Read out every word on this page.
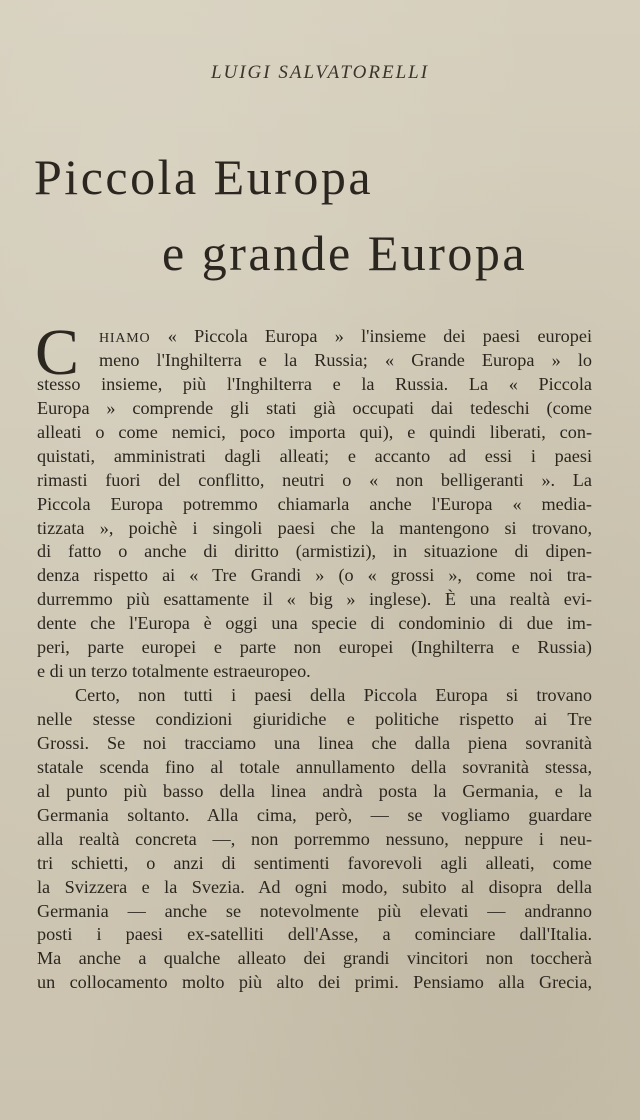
LUIGI SALVATORELLI
Piccola Europa
e grande Europa
C	HIAMO « Piccola Europa » l'insieme dei paesi europei
meno l'Inghilterra e la Russia; « Grande Europa » lo
stesso insieme, più l'Inghilterra e la Russia. La « Piccola
Europa » comprende gli stati già occupati dai tedeschi (come
alleati o come nemici, poco importa qui), e quindi liberati, con-
quistati, amministrati dagli alleati; e accanto ad essi i paesi
rimasti fuori del conflitto, neutri o « non belligeranti ». La
Piccola Europa potremmo chiamarla anche l'Europa « media-
tizzata », poichè i singoli paesi che la mantengono si trovano,
di fatto o anche di diritto (armistizi), in situazione di dipen-
denza rispetto ai « Tre Grandi » (o « grossi », come noi tra-
durremmo più esattamente il « big » inglese). È una realtà evi-
dente che l'Europa è oggi una specie di condominio di due im-
peri, parte europei e parte non europei (Inghilterra e Russia)
e di un terzo totalmente estraeuropeo.
Certo, non tutti i paesi della Piccola Europa si trovano
nelle stesse condizioni giuridiche e politiche rispetto ai Tre
Grossi. Se noi tracciamo una linea che dalla piena sovranità
statale scenda fino al totale annullamento della sovranità stessa,
al punto più basso della linea andrà posta la Germania, e la
Germania soltanto. Alla cima, però, — se vogliamo guardare
alla realtà concreta —, non porremmo nessuno, neppure i neu-
tri schietti, o anzi di sentimenti favorevoli agli alleati, come
la Svizzera e la Svezia. Ad ogni modo, subito al disopra della
Germania — anche se notevolmente più elevati — andranno
posti i paesi ex-satelliti dell'Asse, a cominciare dall'Italia.
Ma anche a qualche alleato dei grandi vincitori non toccherà
un collocamento molto più alto dei primi. Pensiamo alla Grecia,
